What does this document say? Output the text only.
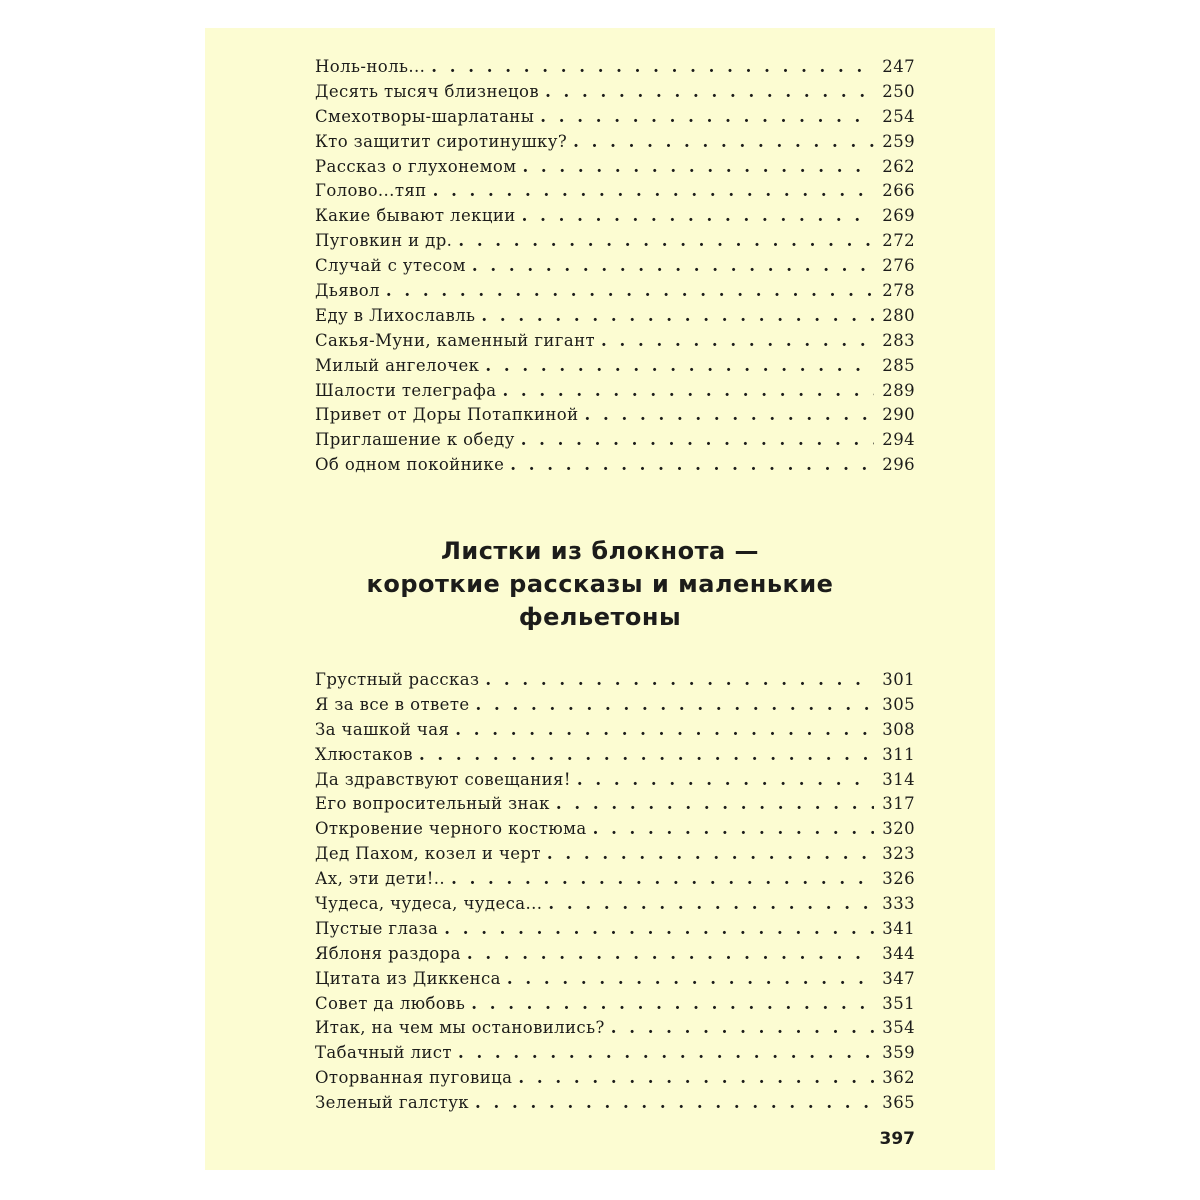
Ноль-ноль... . . .	247
Десять тысяч близнецов . . .	250
Смехотворы-шарлатаны . . .	254
Кто защитит сиротинушку? . . .	259
Рассказ о глухонемом . . .	262
Голово...тяп . . .	266
Какие бывают лекции . . .	269
Пуговкин и др. . . .	272
Случай с утесом . . .	276
Дьявол . . .	278
Еду в Лихославль . . .	280
Сакья-Муни, каменный гигант . . .	283
Милый ангелочек . . .	285
Шалости телеграфа . . .	289
Привет от Доры Потапкиной . . .	290
Приглашение к обеду . . .	294
Об одном покойнике . . .	296
Листки из блокнота —
короткие рассказы и маленькие
фельетоны
Грустный рассказ . . .	301
Я за все в ответе . . .	305
За чашкой чая . . .	308
Хлюстаков . . .	311
Да здравствуют совещания! . . .	314
Его вопросительный знак . . .	317
Откровение черного костюма . . .	320
Дед Пахом, козел и черт . . .	323
Ах, эти дети!.. . . .	326
Чудеса, чудеса, чудеса... . . .	333
Пустые глаза . . .	341
Яблоня раздора . . .	344
Цитата из Диккенса . . .	347
Совет да любовь . . .	351
Итак, на чем мы остановились? . . .	354
Табачный лист . . .	359
Оторванная пуговица . . .	362
Зеленый галстук . . .	365
397
